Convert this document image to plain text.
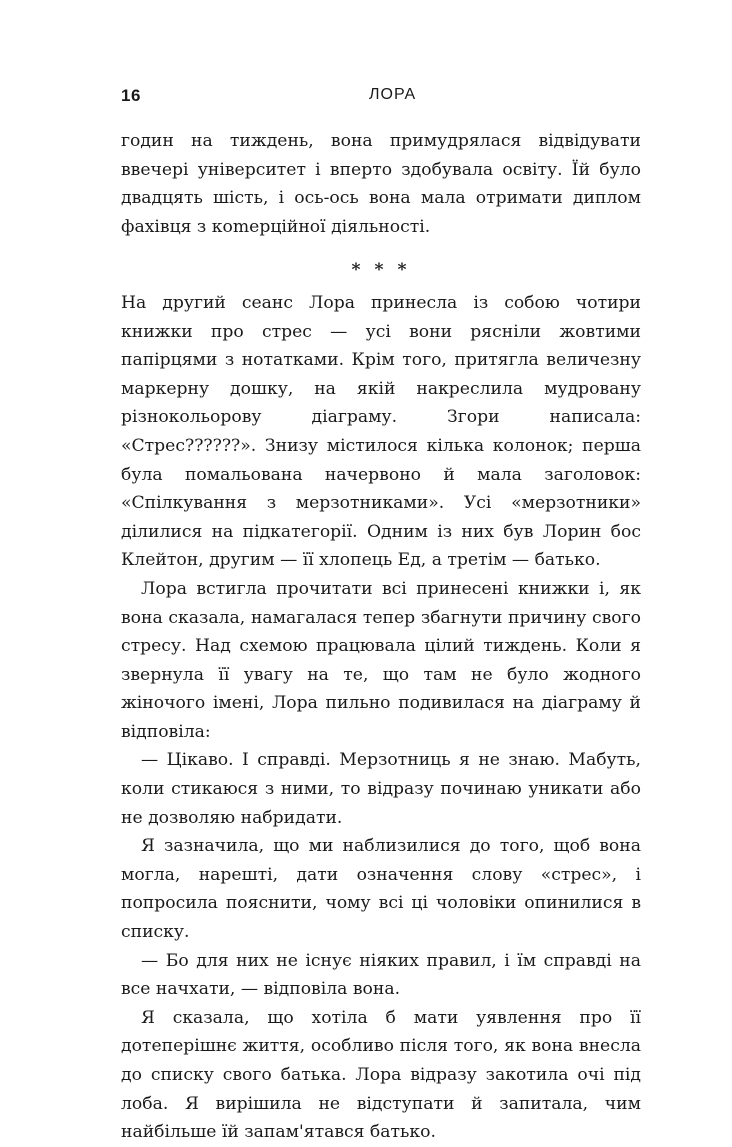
16	ЛОРА

годин на тиждень, вона примудрялася відвідувати ввечері університет і вперто здобувала освіту. Їй було двадцять шість, і ось-ось вона мала отримати диплом фахівця з коmерційної діяльності.

* * *

На другий сеанс Лора принесла із собою чотири книжки про стрес — усі вони рясніли жовтими папірцями з нотатками. Крім того, притягла величезну маркерну дошку, на якій накреслила мудровану різнокольорову діаграму. Згори написала: «Стрес??????». Знизу містилося кілька колонок; перша була помальована начервоно й мала заголовок: «Спілкування з мерзотниками». Усі «мерзотники» ділилися на підкатегорії. Одним із них був Лорин бос Клейтон, другим — її хлопець Ед, а третім — батько.

Лора встигла прочитати всі принесені книжки і, як вона сказала, намагалася тепер збагнути причину свого стресу. Над схемою працювала цілий тиждень. Коли я звернула її увагу на те, що там не було жодного жіночого імені, Лора пильно подивилася на діаграму й відповіла:

— Цікаво. І справді. Мерзотниць я не знаю. Мабуть, коли стикаюся з ними, то відразу починаю уникати або не дозволяю набридати.

Я зазначила, що ми наблизилися до того, щоб вона могла, нарешті, дати означення слову «стрес», і попросила пояснити, чому всі ці чоловіки опинилися в списку.

— Бо для них не існує ніяких правил, і їм справді на все начхати, — відповіла вона.

Я сказала, що хотіла б мати уявлення про її дотеперішнє життя, особливо після того, як вона внесла до списку свого батька. Лора відразу закотила очі під лоба. Я вирішила не відступати й запитала, чим найбільше їй запам'ятався батько.
